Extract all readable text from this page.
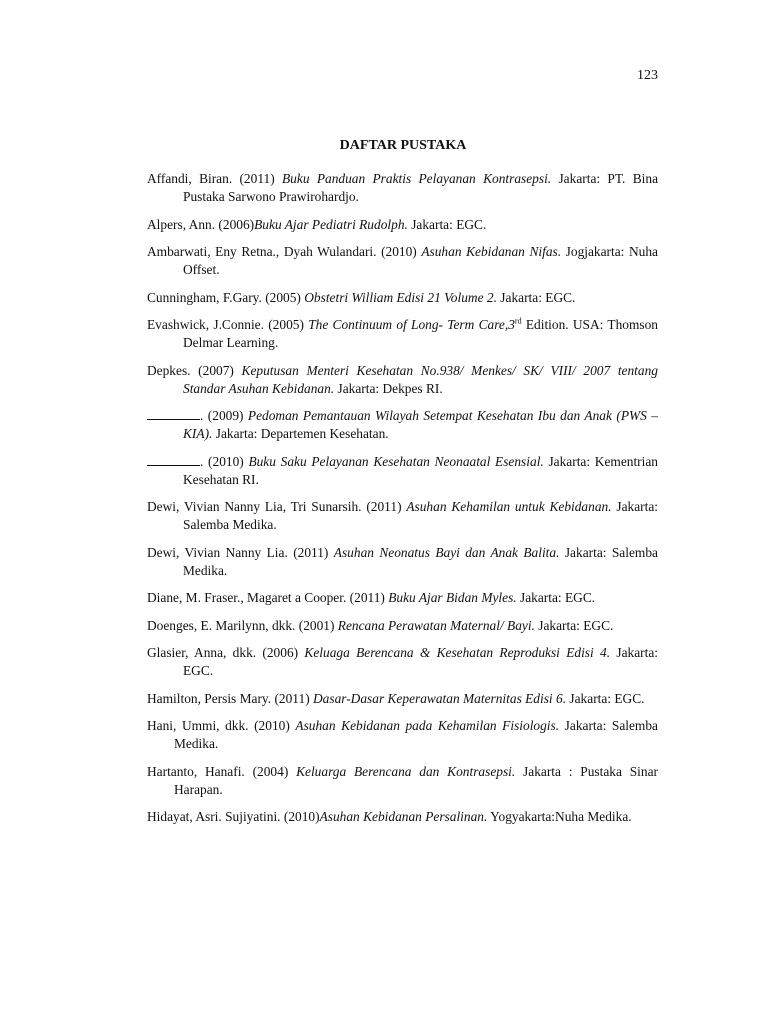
123
DAFTAR PUSTAKA

Affandi, Biran. (2011) Buku Panduan Praktis Pelayanan Kontrasepsi. Jakarta: PT. Bina Pustaka Sarwono Prawirohardjo.

Alpers, Ann. (2006)Buku Ajar Pediatri Rudolph. Jakarta: EGC.

Ambarwati, Eny Retna., Dyah Wulandari. (2010) Asuhan Kebidanan Nifas. Jogjakarta: Nuha Offset.

Cunningham, F.Gary. (2005) Obstetri William Edisi 21 Volume 2. Jakarta: EGC.

Evashwick, J.Connie. (2005) The Continuum of Long- Term Care,3rd Edition. USA: Thomson Delmar Learning.

Depkes. (2007) Keputusan Menteri Kesehatan No.938/ Menkes/ SK/ VIII/ 2007 tentang Standar Asuhan Kebidanan. Jakarta: Dekpes RI.

. (2009) Pedoman Pemantauan Wilayah Setempat Kesehatan Ibu dan Anak (PWS – KIA). Jakarta: Departemen Kesehatan.

. (2010) Buku Saku Pelayanan Kesehatan Neonaatal Esensial. Jakarta: Kementrian Kesehatan RI.

Dewi, Vivian Nanny Lia, Tri Sunarsih. (2011) Asuhan Kehamilan untuk Kebidanan. Jakarta: Salemba Medika.

Dewi, Vivian Nanny Lia. (2011) Asuhan Neonatus Bayi dan Anak Balita. Jakarta: Salemba Medika.

Diane, M. Fraser., Magaret a Cooper. (2011) Buku Ajar Bidan Myles. Jakarta: EGC.

Doenges, E. Marilynn, dkk. (2001) Rencana Perawatan Maternal/ Bayi. Jakarta: EGC.

Glasier, Anna, dkk. (2006) Keluaga Berencana & Kesehatan Reproduksi Edisi 4. Jakarta: EGC.

Hamilton, Persis Mary. (2011) Dasar-Dasar Keperawatan Maternitas Edisi 6. Jakarta: EGC.

Hani, Ummi, dkk. (2010) Asuhan Kebidanan pada Kehamilan Fisiologis. Jakarta: Salemba Medika.

Hartanto, Hanafi. (2004) Keluarga Berencana dan Kontrasepsi. Jakarta : Pustaka Sinar Harapan.

Hidayat, Asri. Sujiyatini. (2010)Asuhan Kebidanan Persalinan. Yogyakarta:Nuha Medika.
